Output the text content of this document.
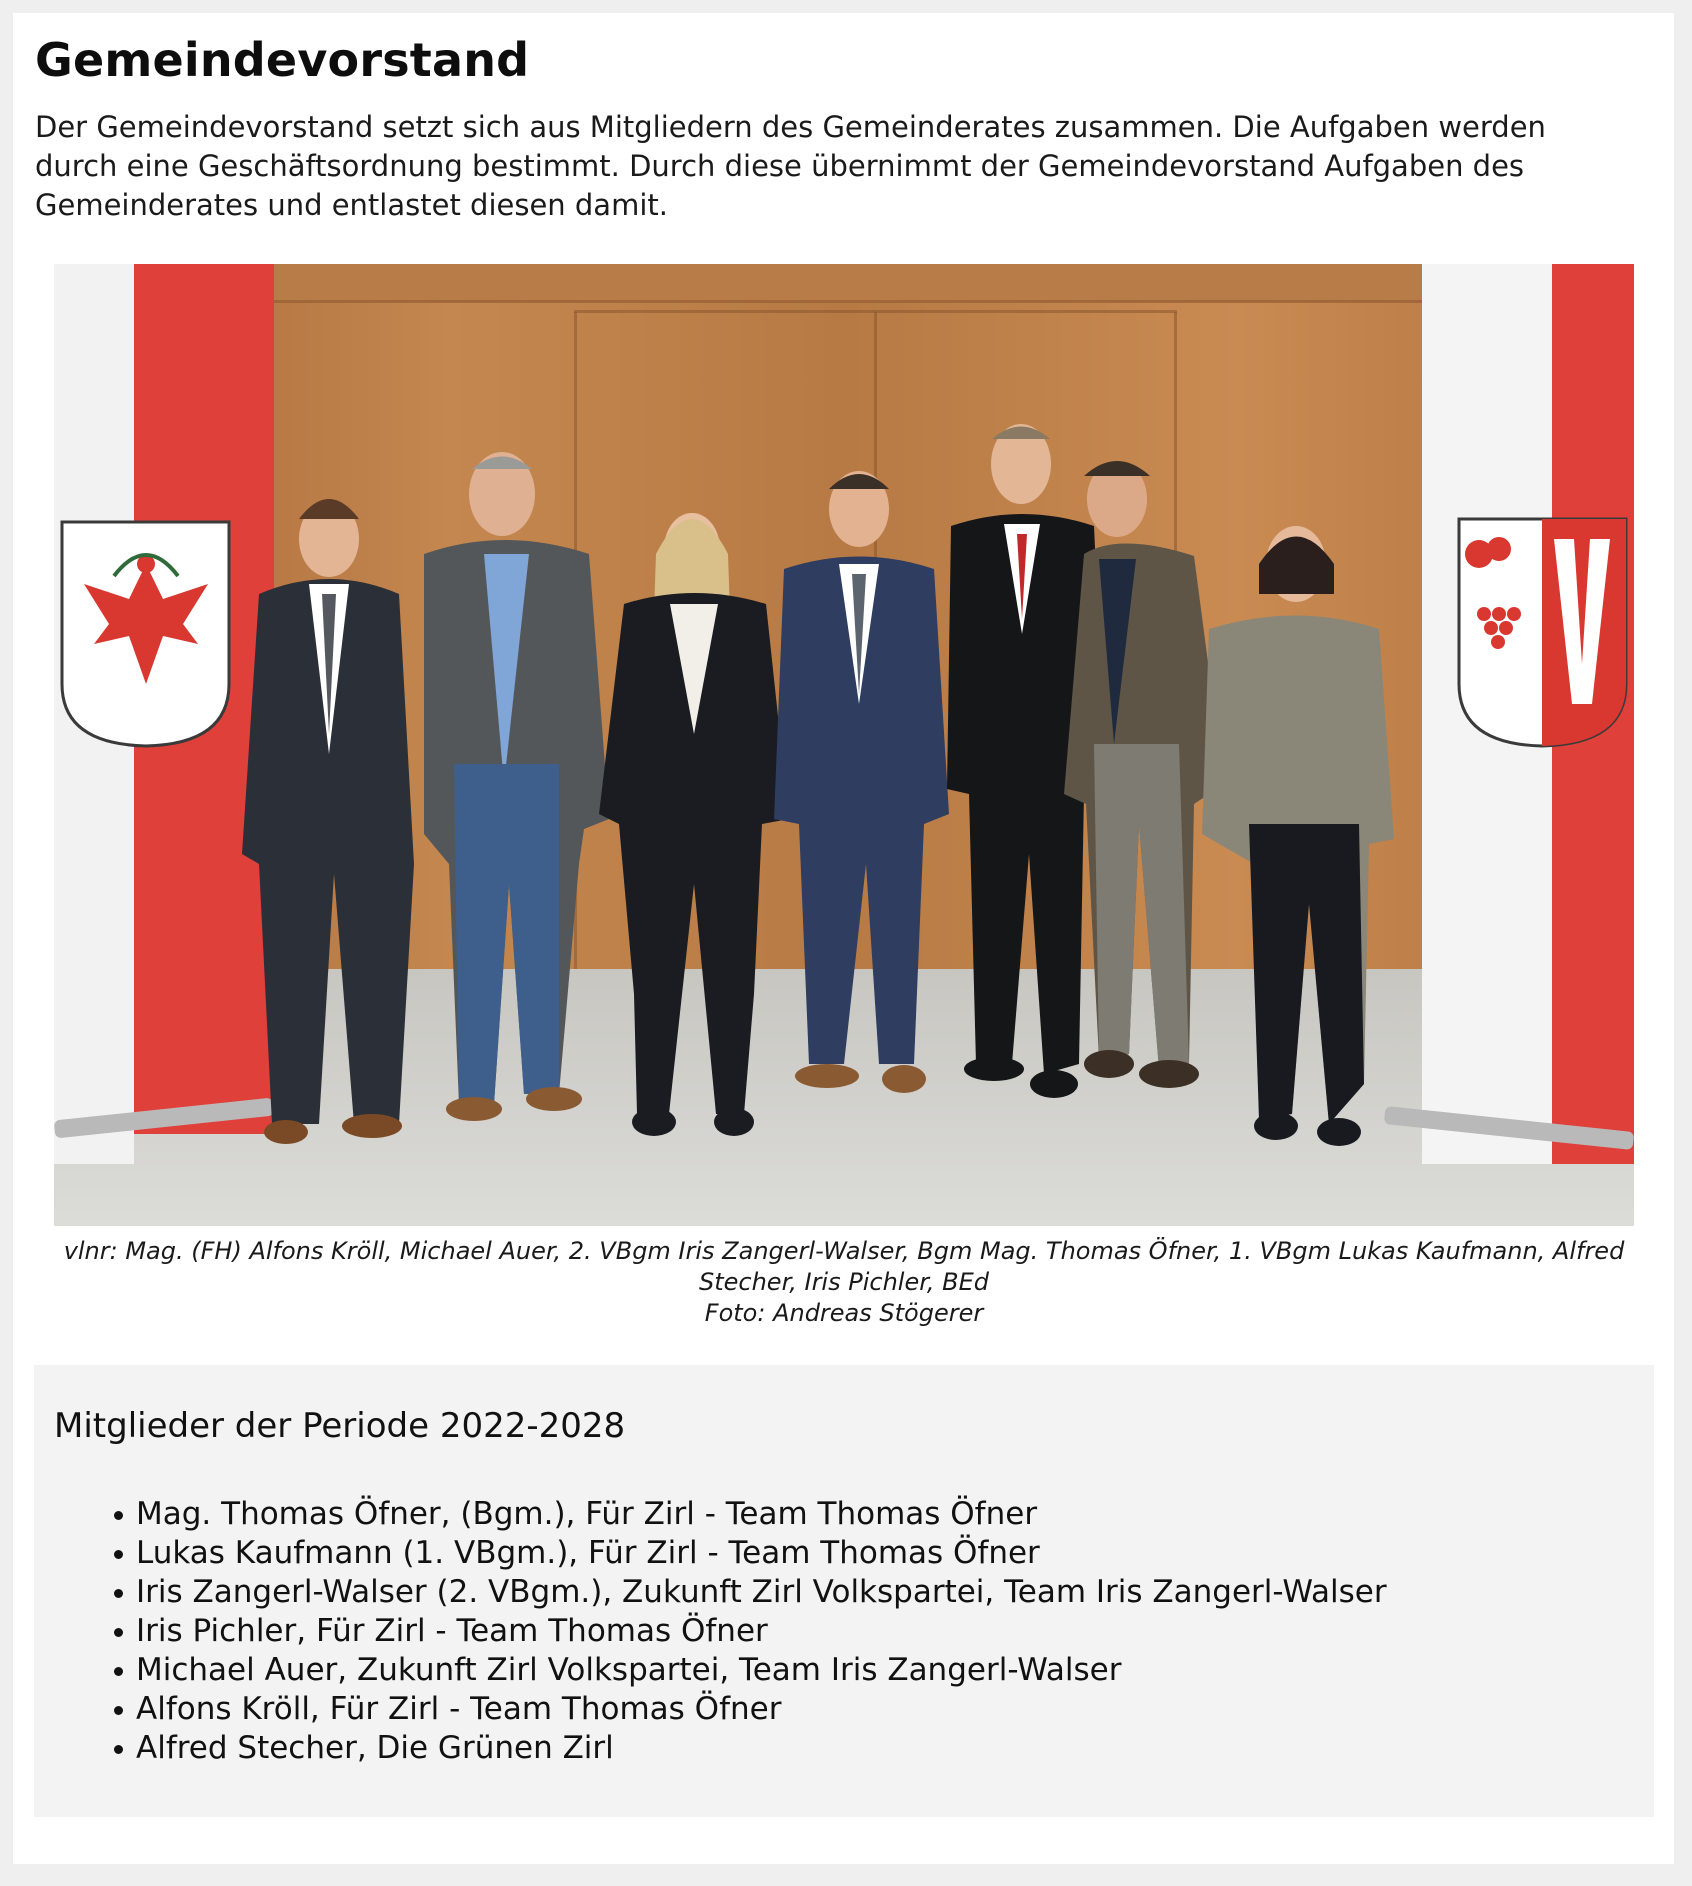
Gemeindevorstand

Der Gemeindevorstand setzt sich aus Mitgliedern des Gemeinderates zusammen. Die Aufgaben werden durch eine Geschäftsordnung bestimmt. Durch diese übernimmt der Gemeindevorstand Aufgaben des Gemeinderates und entlastet diesen damit.

vlnr: Mag. (FH) Alfons Kröll, Michael Auer, 2. VBgm Iris Zangerl-Walser, Bgm Mag. Thomas Öfner, 1. VBgm Lukas Kaufmann, Alfred Stecher, Iris Pichler, BEd
Foto: Andreas Stögerer
Mitglieder der Periode 2022-2028
Mag. Thomas Öfner, (Bgm.), Für Zirl - Team Thomas Öfner
Lukas Kaufmann (1. VBgm.), Für Zirl - Team Thomas Öfner
Iris Zangerl-Walser (2. VBgm.), Zukunft Zirl Volkspartei, Team Iris Zangerl-Walser
Iris Pichler, Für Zirl - Team Thomas Öfner
Michael Auer, Zukunft Zirl Volkspartei, Team Iris Zangerl-Walser
Alfons Kröll, Für Zirl - Team Thomas Öfner
Alfred Stecher, Die Grünen Zirl
